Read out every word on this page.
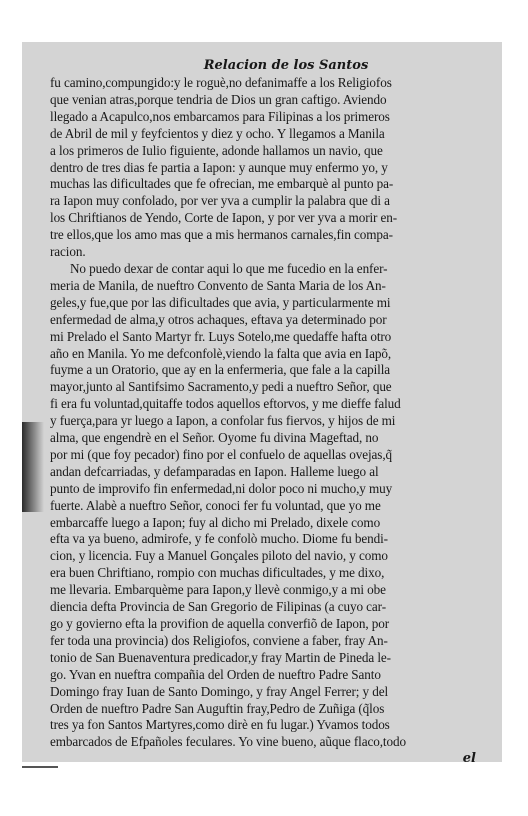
Relacion de los Santos
fu camino,compungido:y le roguè,no defanimaffe a los Religiofos
que venian atras,porque tendria de Dios un gran caftigo. Aviendo
llegado a Acapulco,nos embarcamos para Filipinas a los primeros
de Abril de mil y feyfcientos y diez y ocho. Y llegamos a Manila
a los primeros de Iulio figuiente, adonde hallamos un navio, que
dentro de tres dias fe partia a Iapon: y aunque muy enfermo yo, y
muchas las dificultades que fe ofrecian, me embarquè al punto pa-
ra Iapon muy confolado, por ver yva a cumplir la palabra que di a
los Chriftianos de Yendo, Corte de Iapon, y por ver yva a morir en-
tre ellos,que los amo mas que a mis hermanos carnales,fin compa-
racion.
No puedo dexar de contar aqui lo que me fucedio en la enfer-
meria de Manila, de nueftro Convento de Santa Maria de los An-
geles,y fue,que por las dificultades que avia, y particularmente mi
enfermedad de alma,y otros achaques, eftava ya determinado por
mi Prelado el Santo Martyr fr. Luys Sotelo,me quedaffe hafta otro
año en Manila. Yo me defconfolè,viendo la falta que avia en Iapõ,
fuyme a un Oratorio, que ay en la enfermeria, que fale a la capilla
mayor,junto al Santifsimo Sacramento,y pedi a nueftro Señor, que
fi era fu voluntad,quitaffe todos aquellos eftorvos, y me dieffe falud
y fuerça,para yr luego a Iapon, a confolar fus fiervos, y hijos de mi
alma, que engendrè en el Señor. Oyome fu divina Mageftad, no
por mi (que foy pecador) fino por el confuelo de aquellas ovejas,q̃
andan defcarriadas, y defamparadas en Iapon. Halleme luego al
punto de improvifo fin enfermedad,ni dolor poco ni mucho,y muy
fuerte. Alabè a nueftro Señor, conoci fer fu voluntad, que yo me
embarcaffe luego a Iapon; fuy al dicho mi Prelado, dixele como
efta va ya bueno, admirofe, y fe confolò mucho. Diome fu bendi-
cion, y licencia. Fuy a Manuel Gonçales piloto del navio, y como
era buen Chriftiano, rompio con muchas dificultades, y me dixo,
me llevaria. Embarquème para Iapon,y llevè conmigo,y a mi obe
diencia defta Provincia de San Gregorio de Filipinas (a cuyo car-
go y govierno efta la provifion de aquella converfiõ de Iapon, por
fer toda una provincia) dos Religiofos, conviene a faber, fray An-
tonio de San Buenaventura predicador,y fray Martin de Pineda le-
go. Yvan en nueftra compañia del Orden de nueftro Padre Santo
Domingo fray Iuan de Santo Domingo, y fray Angel Ferrer; y del
Orden de nueftro Padre San Auguftin fray,Pedro de Zuñiga (q̃los
tres ya fon Santos Martyres,como dirè en fu lugar.) Yvamos todos
embarcados de Efpañoles feculares. Yo vine bueno, aũque flaco,todo
el
